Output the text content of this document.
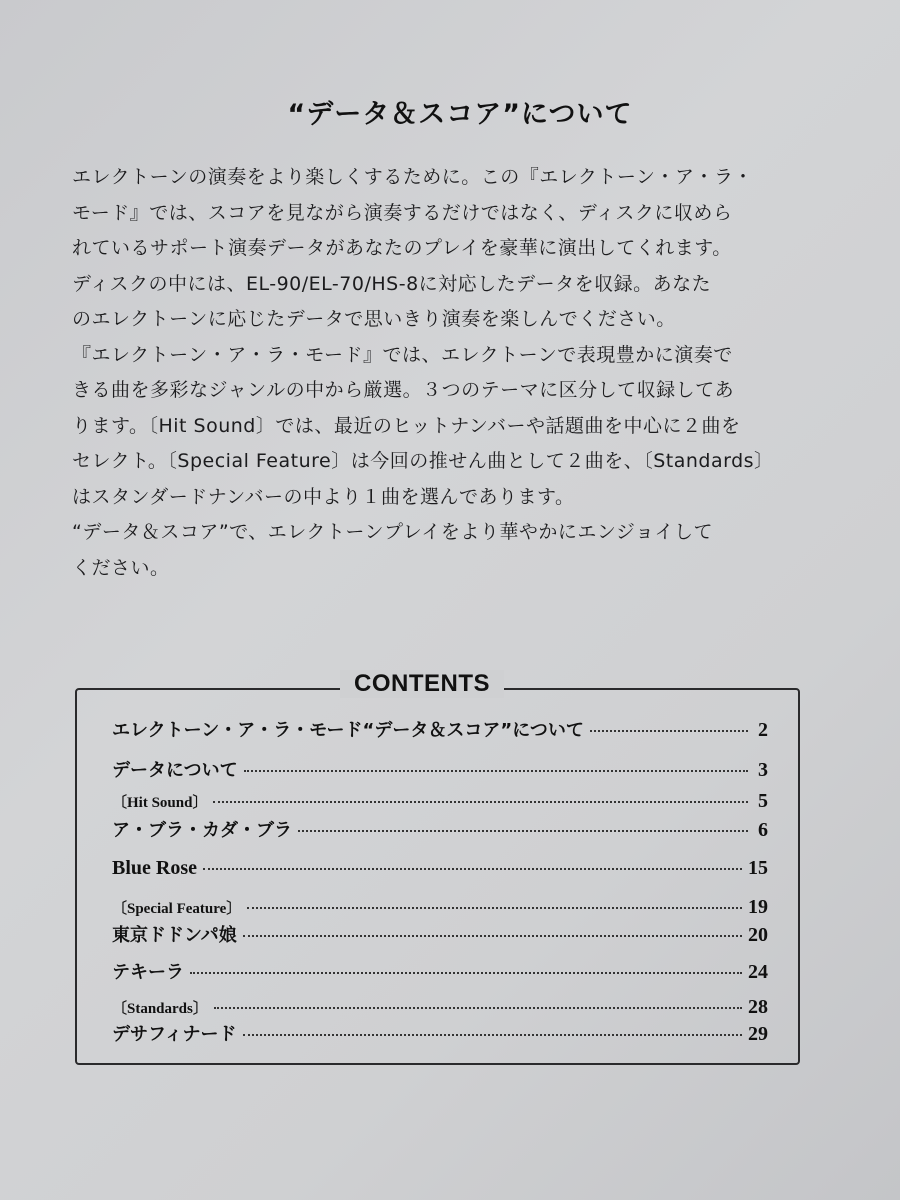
“データ＆スコア”について
エレクトーンの演奏をより楽しくするために。この『エレクトーン・ア・ラ・
モード』では、スコアを見ながら演奏するだけではなく、ディスクに収めら
れているサポート演奏データがあなたのプレイを豪華に演出してくれます。
ディスクの中には、EL-90/EL-70/HS-8に対応したデータを収録。あなた
のエレクトーンに応じたデータで思いきり演奏を楽しんでください。
『エレクトーン・ア・ラ・モード』では、エレクトーンで表現豊かに演奏で
きる曲を多彩なジャンルの中から厳選。３つのテーマに区分して収録してあ
ります。〔Hit Sound〕では、最近のヒットナンバーや話題曲を中心に２曲を
セレクト。〔Special Feature〕は今回の推せん曲として２曲を、〔Standards〕
はスタンダードナンバーの中より１曲を選んであります。
“データ＆スコア”で、エレクトーンプレイをより華やかにエンジョイして
ください。
CONTENTS
エレクトーン・ア・ラ・モード“データ＆スコア”について	2
データについて	3
〔Hit Sound〕	5
ア・ブラ・カダ・ブラ	6
Blue Rose	15
〔Special Feature〕	19
東京ドドンパ娘	20
テキーラ	24
〔Standards〕	28
デサフィナード	29
